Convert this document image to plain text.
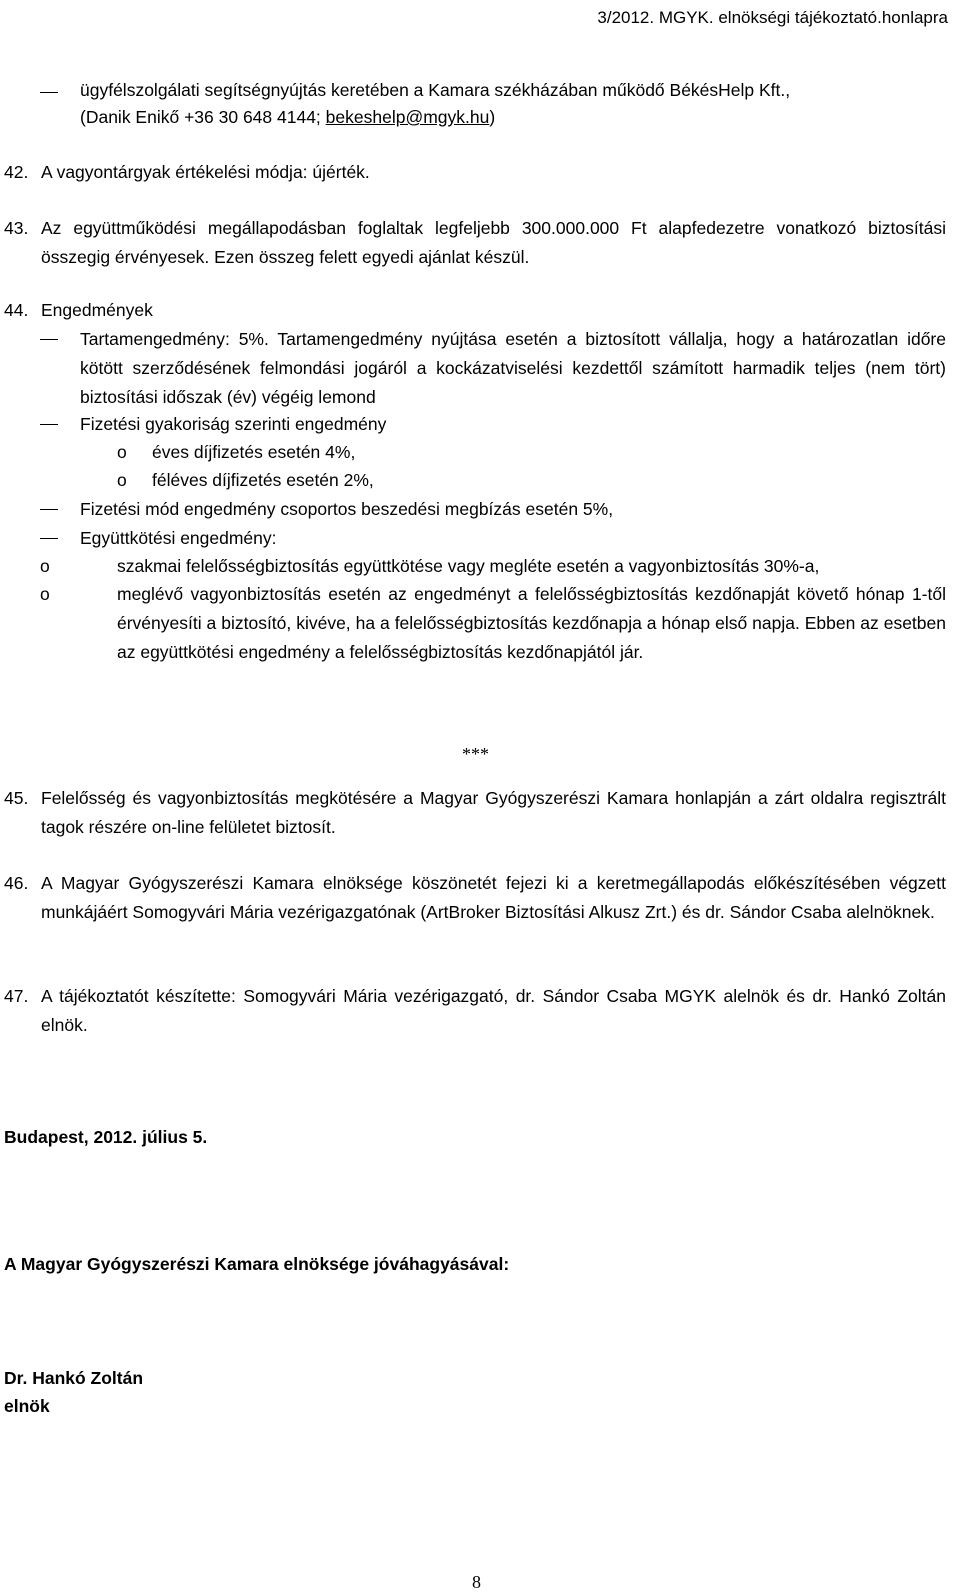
3/2012. MGYK. elnökségi tájékoztató.honlapra
ügyfélszolgálati segítségnyújtás keretében a Kamara székházában működő BékésHelp Kft.,
(Danik Enikő +36 30 648 4144; bekeshelp@mgyk.hu)
42. A vagyontárgyak értékelési módja: újérték.
43. Az együttműködési megállapodásban foglaltak legfeljebb 300.000.000 Ft alapfedezetre vonatkozó biztosítási összegig érvényesek. Ezen összeg felett egyedi ajánlat készül.
44. Engedmények
Tartamengedmény: 5%. Tartamengedmény nyújtása esetén a biztosított vállalja, hogy a határozatlan időre kötött szerződésének felmondási jogáról a kockázatviselési kezdettől számított harmadik teljes (nem tört) biztosítási időszak (év) végéig lemond
Fizetési gyakoriság szerinti engedmény
o éves díjfizetés esetén 4%,
o féléves díjfizetés esetén 2%,
Fizetési mód engedmény csoportos beszedési megbízás esetén 5%,
Együttkötési engedmény:
o	szakmai felelősségbiztosítás együttkötése vagy megléte esetén a vagyonbiztosítás 30%-a,
o	meglévő vagyonbiztosítás esetén az engedményt a felelősségbiztosítás kezdőnapját követő hónap 1-től érvényesíti a biztosító, kivéve, ha a felelősségbiztosítás kezdőnapja a hónap első napja. Ebben az esetben az együttkötési engedmény a felelősségbiztosítás kezdőnapjától jár.
***
45. Felelősség és vagyonbiztosítás megkötésére a Magyar Gyógyszerészi Kamara honlapján a zárt oldalra regisztrált tagok részére on-line felületet biztosít.
46. A Magyar Gyógyszerészi Kamara elnöksége köszönetét fejezi ki a keretmegállapodás előkészítésében végzett munkájáért Somogyvári Mária vezérigazgatónak (ArtBroker Biztosítási Alkusz Zrt.) és dr. Sándor Csaba alelnöknek.
47. A tájékoztatót készítette: Somogyvári Mária vezérigazgató, dr. Sándor Csaba MGYK alelnök és dr. Hankó Zoltán elnök.
Budapest, 2012. július 5.
A Magyar Gyógyszerészi Kamara elnöksége jóváhagyásával:
Dr. Hankó Zoltán
elnök
8
